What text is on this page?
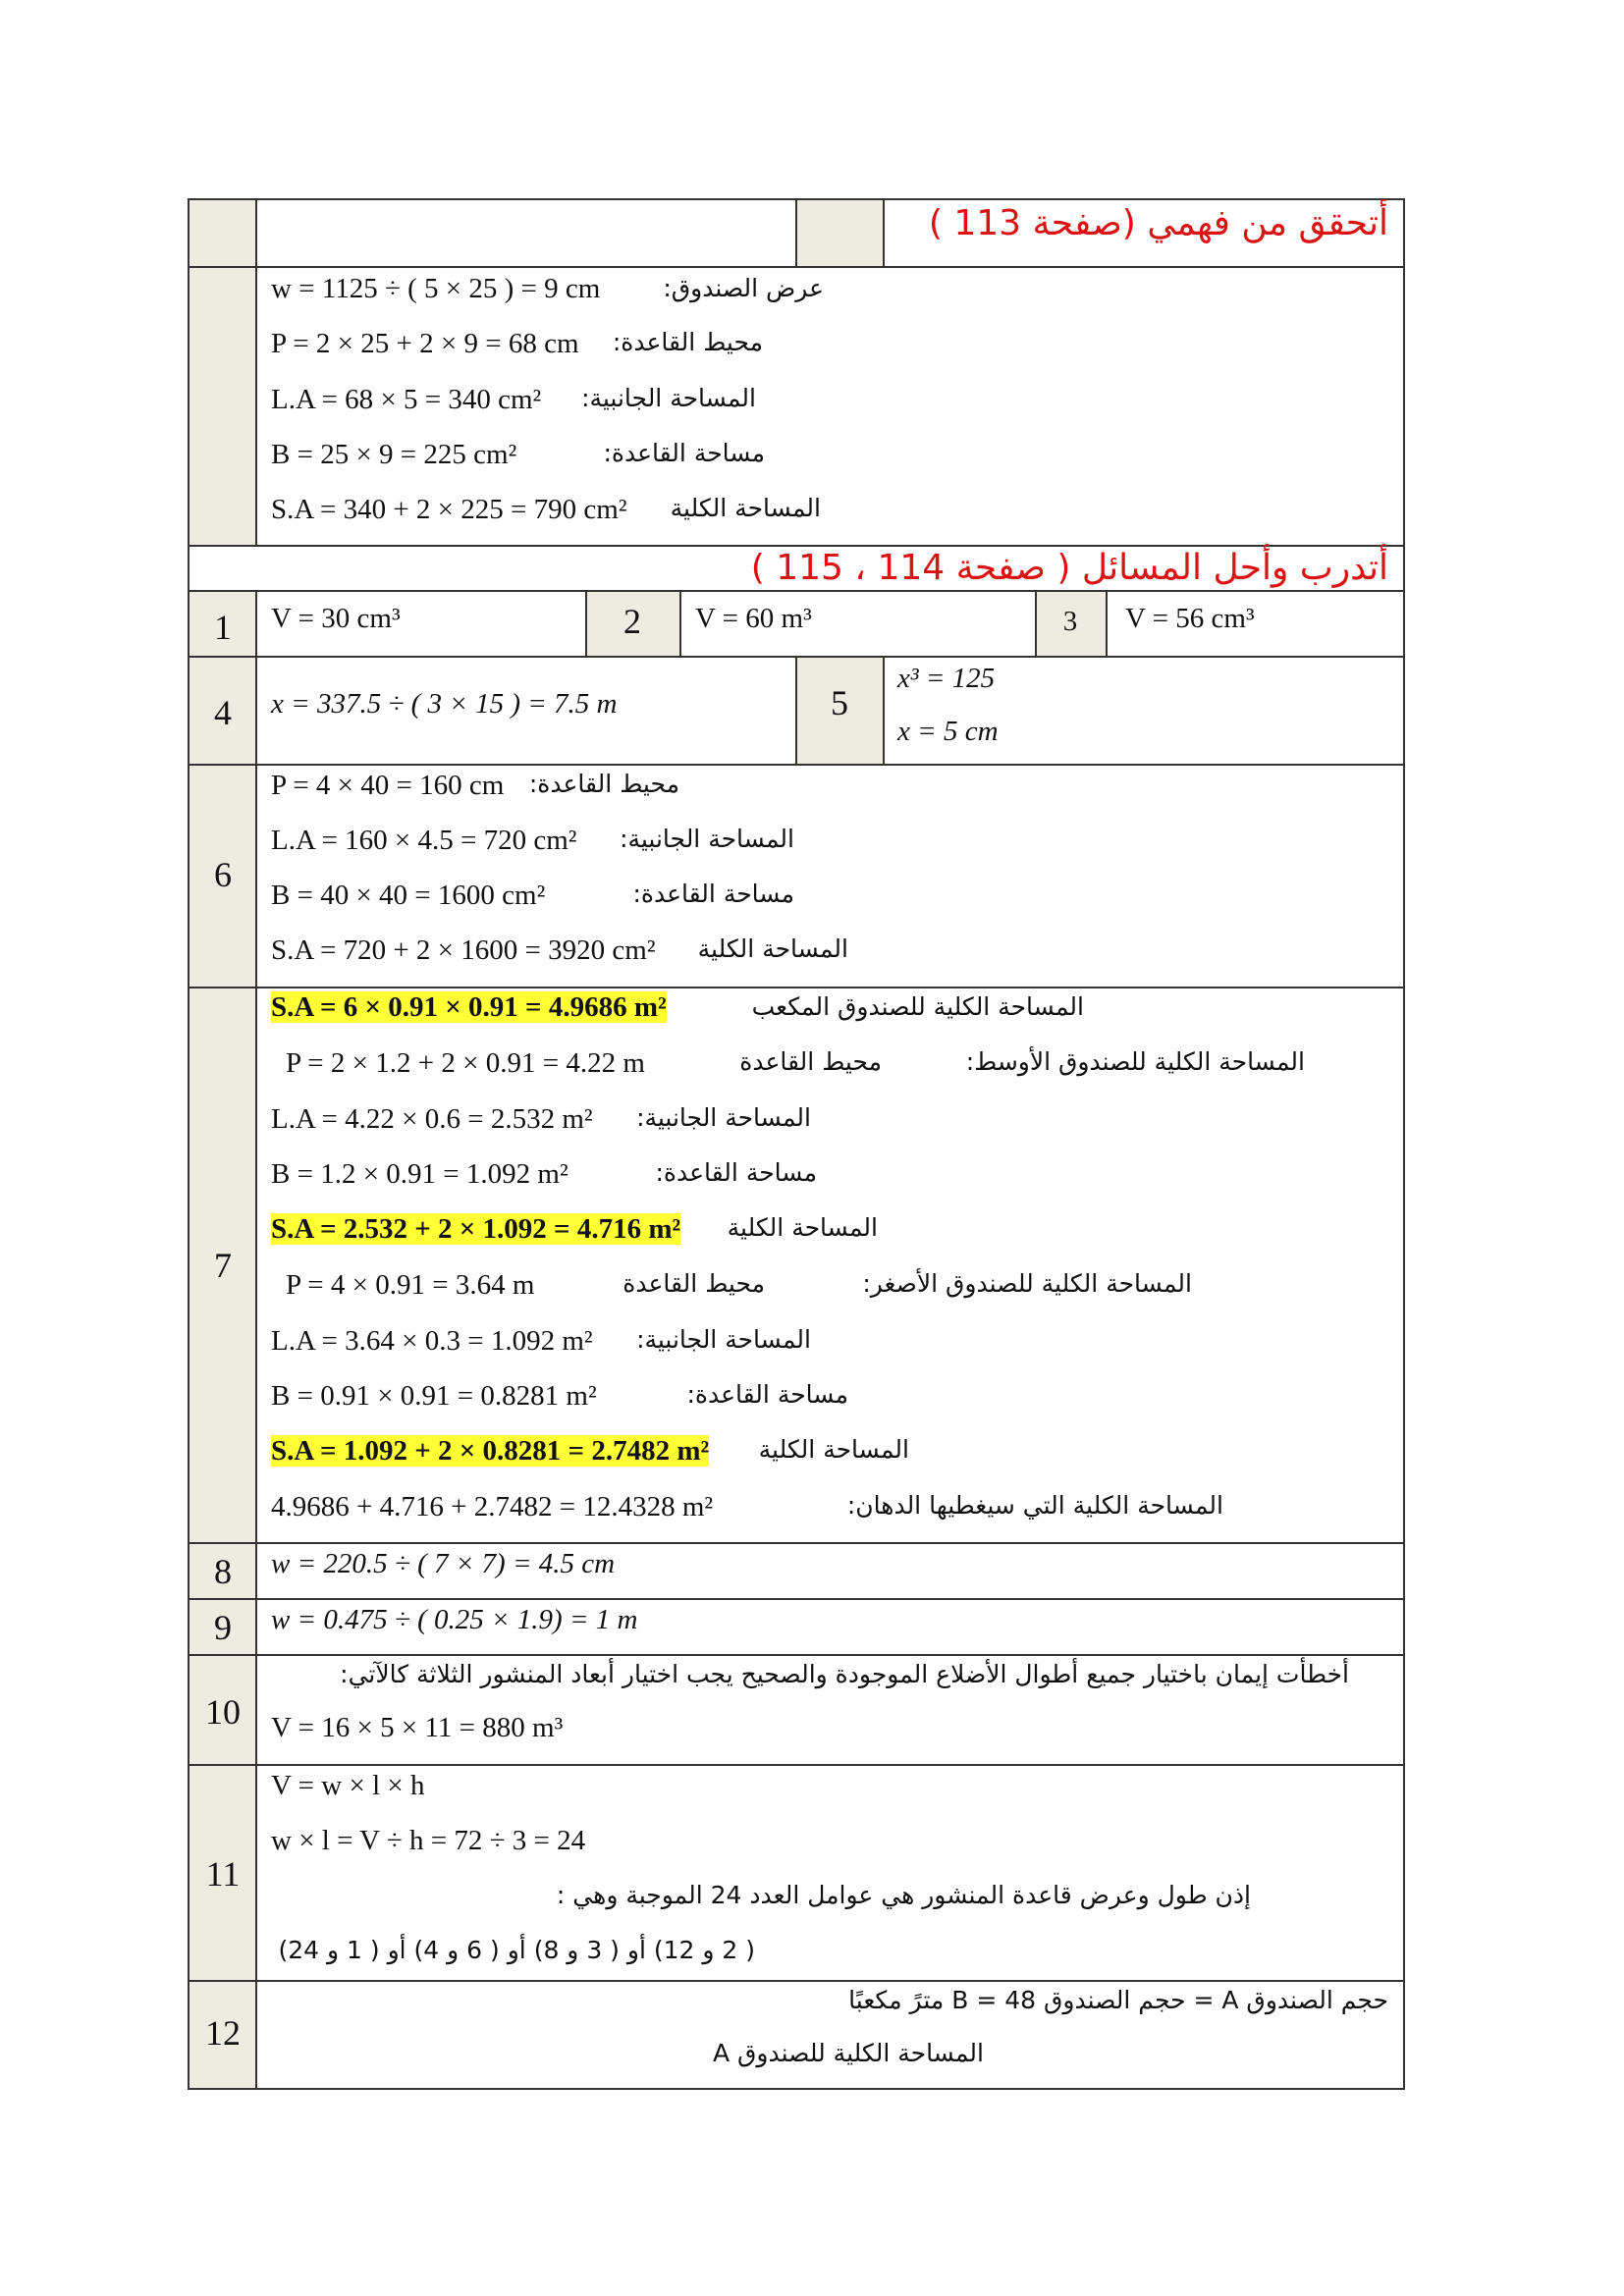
أتحقق من فهمي (صفحة 113 )
w = 1125 ÷ ( 5 × 25 ) = 9 cm	عرض الصندوق:
P = 2 × 25 + 2 × 9 = 68 cm محيط القاعدة:
L.A = 68 × 5 = 340 cm² المساحة الجانبية:
B = 25 × 9 = 225 cm²	مساحة القاعدة:
S.A = 340 + 2 × 225 = 790 cm² المساحة الكلية
أتدرب وأحل المسائل ( صفحة 114 ، 115 )
1	V = 30 cm³	2	V = 60 m³	3	V = 56 cm³
4	x = 337.5 ÷ ( 3 × 15 ) = 7.5 m	5
x³ = 125
x = 5 cm
6
P = 4 × 40 = 160 cm محيط القاعدة:
L.A = 160 × 4.5 = 720 cm² المساحة الجانبية:
B = 40 × 40 = 1600 cm²	مساحة القاعدة:
S.A = 720 + 2 × 1600 = 3920 cm² المساحة الكلية
7
S.A = 6 × 0.91 × 0.91 = 4.9686 m²	المساحة الكلية للصندوق المكعب
P = 2 × 1.2 + 2 × 0.91 = 4.22 m	محيط القاعدة	المساحة الكلية للصندوق الأوسط:
L.A = 4.22 × 0.6 = 2.532 m² المساحة الجانبية:
B = 1.2 × 0.91 = 1.092 m²	مساحة القاعدة:
S.A = 2.532 + 2 × 1.092 = 4.716 m² المساحة الكلية
P = 4 × 0.91 = 3.64 m	محيط القاعدة	المساحة الكلية للصندوق الأصغر:
L.A = 3.64 × 0.3 = 1.092 m² المساحة الجانبية:
B = 0.91 × 0.91 = 0.8281 m²	مساحة القاعدة:
S.A = 1.092 + 2 × 0.8281 = 2.7482 m² المساحة الكلية
4.9686 + 4.716 + 2.7482 = 12.4328 m²	المساحة الكلية التي سيغطيها الدهان:
8	w = 220.5 ÷ ( 7 × 7) = 4.5 cm
9	w = 0.475 ÷ ( 0.25 × 1.9) = 1 m
10
أخطأت إيمان باختيار جميع أطوال الأضلاع الموجودة والصحيح يجب اختيار أبعاد المنشور الثلاثة كالآتي:
V = 16 × 5 × 11 = 880 m³
11
V = w × l × h
w × l = V ÷ h = 72 ÷ 3 = 24
إذن طول وعرض قاعدة المنشور هي عوامل العدد 24 الموجبة وهي :
( 2 و 12) أو ( 3 و 8) أو ( 6 و 4) أو ( 1 و 24)
12
حجم الصندوق A = حجم الصندوق B = 48 مترً مكعبًا
المساحة الكلية للصندوق A
